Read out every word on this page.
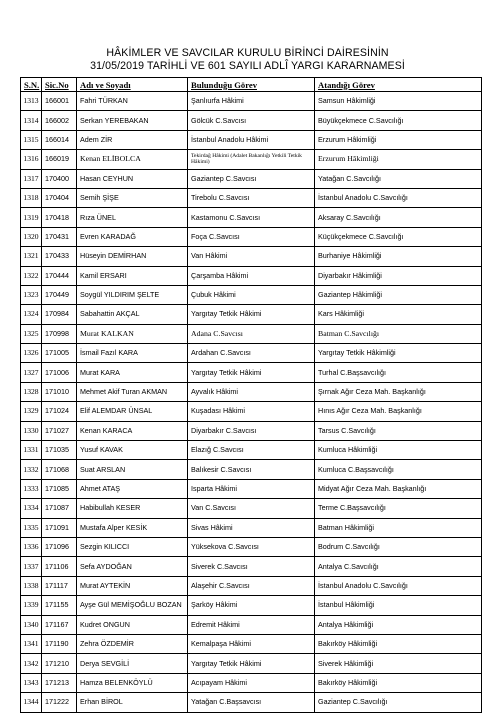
HÂKİMLER VE SAVCILAR KURULU BİRİNCİ DAİRESİNİN
31/05/2019 TARİHLİ VE 601 SAYILI ADLÎ YARGI KARARNAMESİ
S.N.	Sic.No	Adı ve Soyadı	Bulunduğu Görev	Atandığı Görev
1313	166001	Fahri TÜRKAN	Şanlıurfa Hâkimi	Samsun Hâkimliği
1314	166002	Serkan YEREBAKAN	Gölcük C.Savcısı	Büyükçekmece C.Savcılığı
1315	166014	Adem ZİR	İstanbul Anadolu Hâkimi	Erzurum Hâkimliği
1316	166019	Kenan ELİBOLCA	Tekirdağ Hâkimi (Adalet Bakanlığı Yetkili Tetkik Hâkimi)	Erzurum Hâkimliği
1317	170400	Hasan CEYHUN	Gaziantep C.Savcısı	Yatağan C.Savcılığı
1318	170404	Semih ŞİŞE	Tirebolu C.Savcısı	İstanbul Anadolu C.Savcılığı
1319	170418	Rıza ÜNEL	Kastamonu C.Savcısı	Aksaray C.Savcılığı
1320	170431	Evren KARADAĞ	Foça C.Savcısı	Küçükçekmece C.Savcılığı
1321	170433	Hüseyin DEMİRHAN	Van Hâkimi	Burhaniye Hâkimliği
1322	170444	Kamil ERSARI	Çarşamba Hâkimi	Diyarbakır Hâkimliği
1323	170449	Soygül YILDIRIM ŞELTE	Çubuk Hâkimi	Gaziantep Hâkimliği
1324	170984	Sabahattin AKÇAL	Yargıtay Tetkik Hâkimi	Kars Hâkimliği
1325	170998	Murat KALKAN	Adana C.Savcısı	Batman C.Savcılığı
1326	171005	İsmail Fazıl KARA	Ardahan C.Savcısı	Yargıtay Tetkik Hâkimliği
1327	171006	Murat KARA	Yargıtay Tetkik Hâkimi	Turhal C.Başsavcılığı
1328	171010	Mehmet Akif Turan AKMAN	Ayvalık Hâkimi	Şırnak Ağır Ceza Mah. Başkanlığı
1329	171024	Elif ALEMDAR ÜNSAL	Kuşadası Hâkimi	Hınıs Ağır Ceza Mah. Başkanlığı
1330	171027	Kenan KARACA	Diyarbakır C.Savcısı	Tarsus C.Savcılığı
1331	171035	Yusuf KAVAK	Elazığ C.Savcısı	Kumluca Hâkimliği
1332	171068	Suat ARSLAN	Balıkesir C.Savcısı	Kumluca C.Başsavcılığı
1333	171085	Ahmet ATAŞ	Isparta Hâkimi	Midyat Ağır Ceza Mah. Başkanlığı
1334	171087	Habibullah KESER	Van C.Savcısı	Terme C.Başsavcılığı
1335	171091	Mustafa Alper KESİK	Sivas Hâkimi	Batman Hâkimliği
1336	171096	Sezgin KILICCI	Yüksekova C.Savcısı	Bodrum C.Savcılığı
1337	171106	Sefa AYDOĞAN	Siverek C.Savcısı	Antalya C.Savcılığı
1338	171117	Murat AYTEKİN	Alaşehir C.Savcısı	İstanbul Anadolu C.Savcılığı
1339	171155	Ayşe Gül MEMİŞOĞLU BOZAN	Şarköy Hâkimi	İstanbul Hâkimliği
1340	171167	Kudret ONGUN	Edremit Hâkimi	Antalya Hâkimliği
1341	171190	Zehra ÖZDEMİR	Kemalpaşa Hâkimi	Bakırköy Hâkimliği
1342	171210	Derya SEVGİLİ	Yargıtay Tetkik Hâkimi	Siverek Hâkimliği
1343	171213	Hamza BELENKÖYLÜ	Acıpayam Hâkimi	Bakırköy Hâkimliği
1344	171222	Erhan BİROL	Yatağan C.Başsavcısı	Gaziantep C.Savcılığı
